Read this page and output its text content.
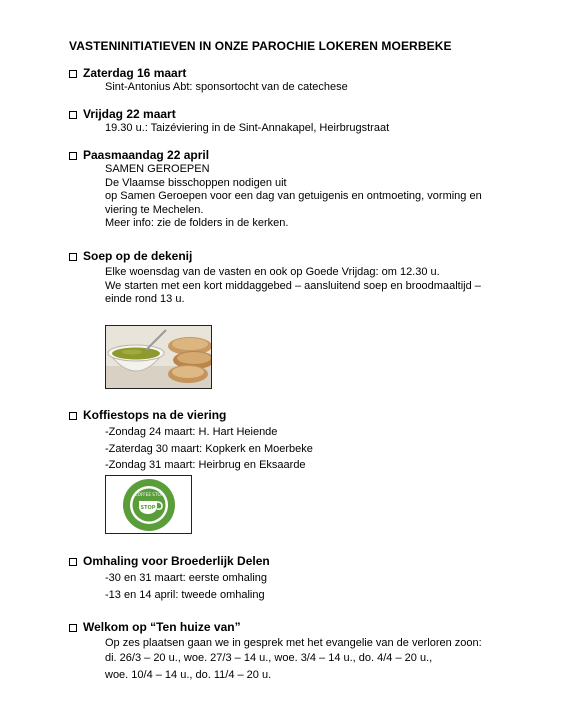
VASTENINITIATIEVEN IN ONZE PAROCHIE LOKEREN MOERBEKE
Zaterdag 16 maart
Sint-Antonius Abt: sponsortocht van de catechese
Vrijdag 22 maart
19.30 u.: Taizéviering in de Sint-Annakapel, Heirbrugstraat
Paasmaandag 22 april
SAMEN GEROEPEN
De Vlaamse bisschoppen nodigen uit
op Samen Geroepen voor een dag van getuigenis en ontmoeting, vorming en
viering te Mechelen.
Meer info: zie de folders in de kerken.
Soep op de dekenij
Elke woensdag van de vasten en ook op Goede Vrijdag: om 12.30 u.
We starten met een kort middaggebed – aansluitend soep en broodmaaltijd –
einde rond 13 u.
Koffiestops na de viering
-Zondag 24 maart: H. Hart Heiende
-Zaterdag 30 maart: Kopkerk en Moerbeke
-Zondag 31 maart: Heirbrug en Eksaarde
STOP
COFFEE STOP
Omhaling voor Broederlijk Delen
-30 en 31 maart: eerste omhaling
-13 en 14 april: tweede omhaling
Welkom op “Ten huize van”
Op zes plaatsen gaan we in gesprek met het evangelie van de verloren zoon:
di. 26/3 – 20 u., woe. 27/3 – 14 u., woe. 3/4 – 14 u., do. 4/4 – 20 u.,
woe. 10/4 – 14 u., do. 11/4 – 20 u.
